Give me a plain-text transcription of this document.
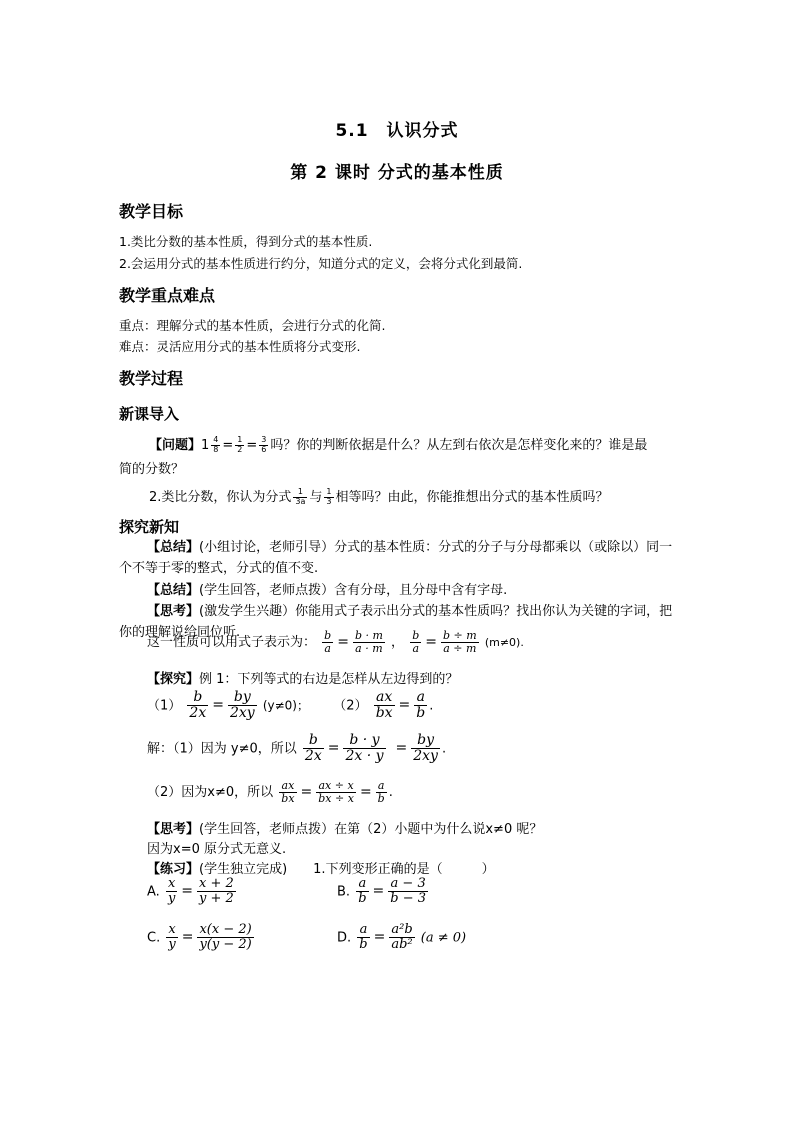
5.1　认识分式
第 2 课时 分式的基本性质
教学目标
1.类比分数的基本性质，得到分式的基本性质.
2.会运用分式的基本性质进行约分，知道分式的定义，会将分式化到最简.
教学重点难点
重点：理解分式的基本性质，会进行分式的化简.
难点：灵活应用分式的基本性质将分式变形.
教学过程
新课导入
【问题】$1 \frac{4}{8} = \frac{1}{2} = \frac{3}{6}$ 吗？你的判断依据是什么？从左到右依次是怎样变化来的？谁是最
简的分数？
2.类比分数，你认为分式 $\frac{1}{3a}$ 与 $\frac{1}{3}$ 相等吗？由此，你能推想出分式的基本性质吗？
探究新知
【总结】(小组讨论，老师引导）分式的基本性质：分式的分子与分母都乘以（或除以）同一个不等于零的整式，分式的值不变.
【总结】(学生回答，老师点拨）含有分母，且分母中含有字母.
【思考】(激发学生兴趣）你能用式子表示出分式的基本性质吗？找出你认为关键的字词，把你的理解说给同位听.
这一性质可以用式子表示为： $\frac{b}{a} = \frac{b \cdot m}{a \cdot m}$ ， $\frac{b}{a} = \frac{b \div m}{a \div m} (m\ne 0)$.
【探究】例 1：下列等式的右边是怎样从左边得到的？
$(1) \frac{b}{2x} = \frac{by}{2xy} (y\ne 0)$； $(2) \frac{ax}{bx} = \frac{a}{b}$ .
解：（1）因为 y≠0，所以 $\frac{b}{2x} = \frac{b \cdot y}{2x \cdot y} = \frac{by}{2xy}$ .
（2）因为x≠0，所以 $\frac{ax}{bx} = \frac{ax \div x}{bx \div x} = \frac{a}{b}$ .
【思考】(学生回答，老师点拨）在第（2）小题中为什么说x≠0 呢？
因为x=0 原分式无意义.
【练习】(学生独立完成)　　1.下列变形正确的是（　　　）
A. $\frac{x}{y} = \frac{x + 2}{y + 2}$	B. $\frac{a}{b} = \frac{a - 3}{b - 3}$
C. $\frac{x}{y} = \frac{x(x - 2)}{y(y - 2)}$	D. $\frac{a}{b} = \frac{\text{a²b}}{\text{ab²}} (a \ne 0)$
